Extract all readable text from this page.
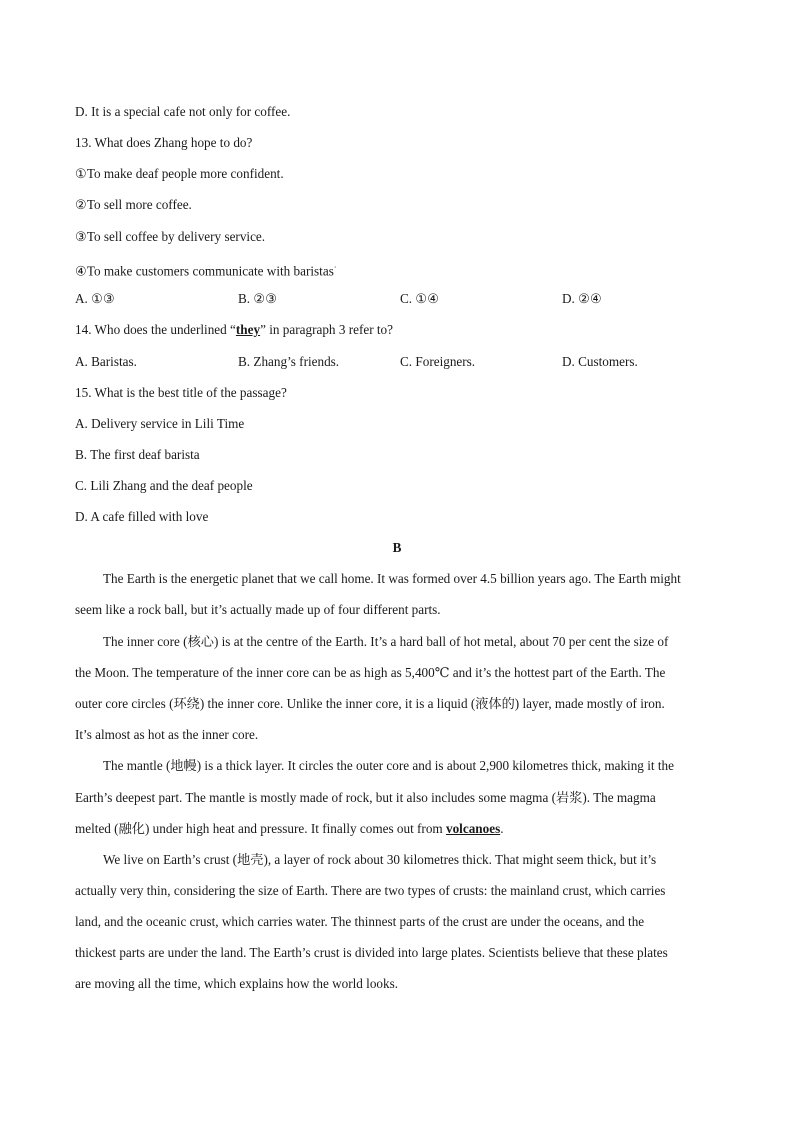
D. It is a special cafe not only for coffee.
13. What does Zhang hope to do?
①To make deaf people more confident.
②To sell more coffee.
③To sell coffee by delivery service.
④To make customers communicate with baristas·
A. ①③	B. ②③	C. ①④	D. ②④
14. Who does the underlined “they” in paragraph 3 refer to?
A. Baristas.	B. Zhang’s friends.	C. Foreigners.	D. Customers.
15. What is the best title of the passage?
A. Delivery service in Lili Time
B. The first deaf barista
C. Lili Zhang and the deaf people
D. A cafe filled with love
B
The Earth is the energetic planet that we call home. It was formed over 4.5 billion years ago. The Earth might
seem like a rock ball, but it’s actually made up of four different parts.
The inner core (核心) is at the centre of the Earth. It’s a hard ball of hot metal, about 70 per cent the size of
the Moon. The temperature of the inner core can be as high as 5,400℃ and it’s the hottest part of the Earth. The
outer core circles (环绕) the inner core. Unlike the inner core, it is a liquid (液体的) layer, made mostly of iron.
It’s almost as hot as the inner core.
The mantle (地幔) is a thick layer. It circles the outer core and is about 2,900 kilometres thick, making it the
Earth’s deepest part. The mantle is mostly made of rock, but it also includes some magma (岩浆). The magma
melted (融化) under high heat and pressure. It finally comes out from volcanoes.
We live on Earth’s crust (地壳), a layer of rock about 30 kilometres thick. That might seem thick, but it’s
actually very thin, considering the size of Earth. There are two types of crusts: the mainland crust, which carries
land, and the oceanic crust, which carries water. The thinnest parts of the crust are under the oceans, and the
thickest parts are under the land. The Earth’s crust is divided into large plates. Scientists believe that these plates
are moving all the time, which explains how the world looks.
